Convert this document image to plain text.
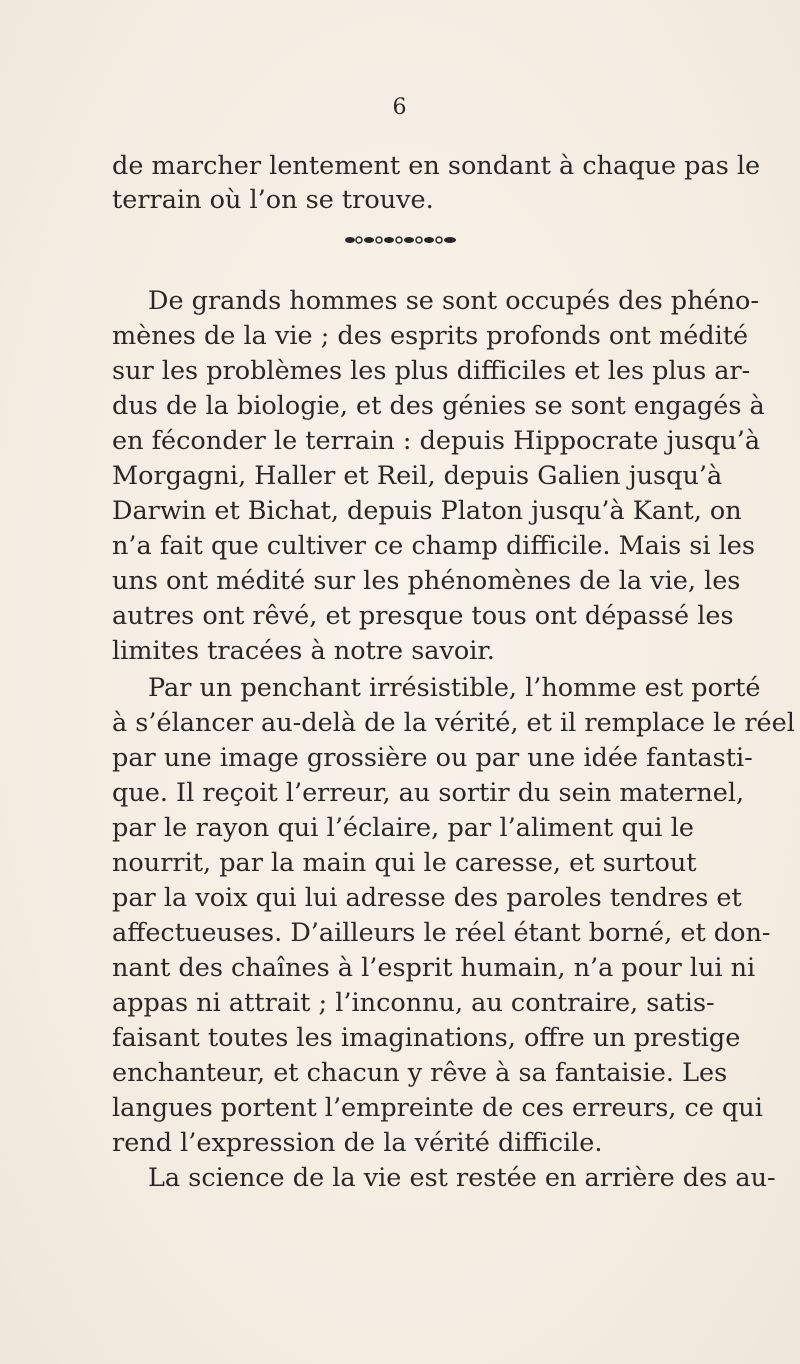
6
de marcher lentement en sondant à chaque pas le
terrain où l’on se trouve.
De grands hommes se sont occupés des phéno-
mènes de la vie ; des esprits profonds ont médité
sur les problèmes les plus difficiles et les plus ar-
dus de la biologie, et des génies se sont engagés à
en féconder le terrain : depuis Hippocrate jusqu’à
Morgagni, Haller et Reil, depuis Galien jusqu’à
Darwin et Bichat, depuis Platon jusqu’à Kant, on
n’a fait que cultiver ce champ difficile. Mais si les
uns ont médité sur les phénomènes de la vie, les
autres ont rêvé, et presque tous ont dépassé les
limites tracées à notre savoir.
Par un penchant irrésistible, l’homme est porté
à s’élancer au-delà de la vérité, et il remplace le réel
par une image grossière ou par une idée fantasti-
que. Il reçoit l’erreur, au sortir du sein maternel,
par le rayon qui l’éclaire, par l’aliment qui le
nourrit, par la main qui le caresse, et surtout
par la voix qui lui adresse des paroles tendres et
affectueuses. D’ailleurs le réel étant borné, et don-
nant des chaînes à l’esprit humain, n’a pour lui ni
appas ni attrait ; l’inconnu, au contraire, satis-
faisant toutes les imaginations, offre un prestige
enchanteur, et chacun y rêve à sa fantaisie. Les
langues portent l’empreinte de ces erreurs, ce qui
rend l’expression de la vérité difficile.
La science de la vie est restée en arrière des au-
